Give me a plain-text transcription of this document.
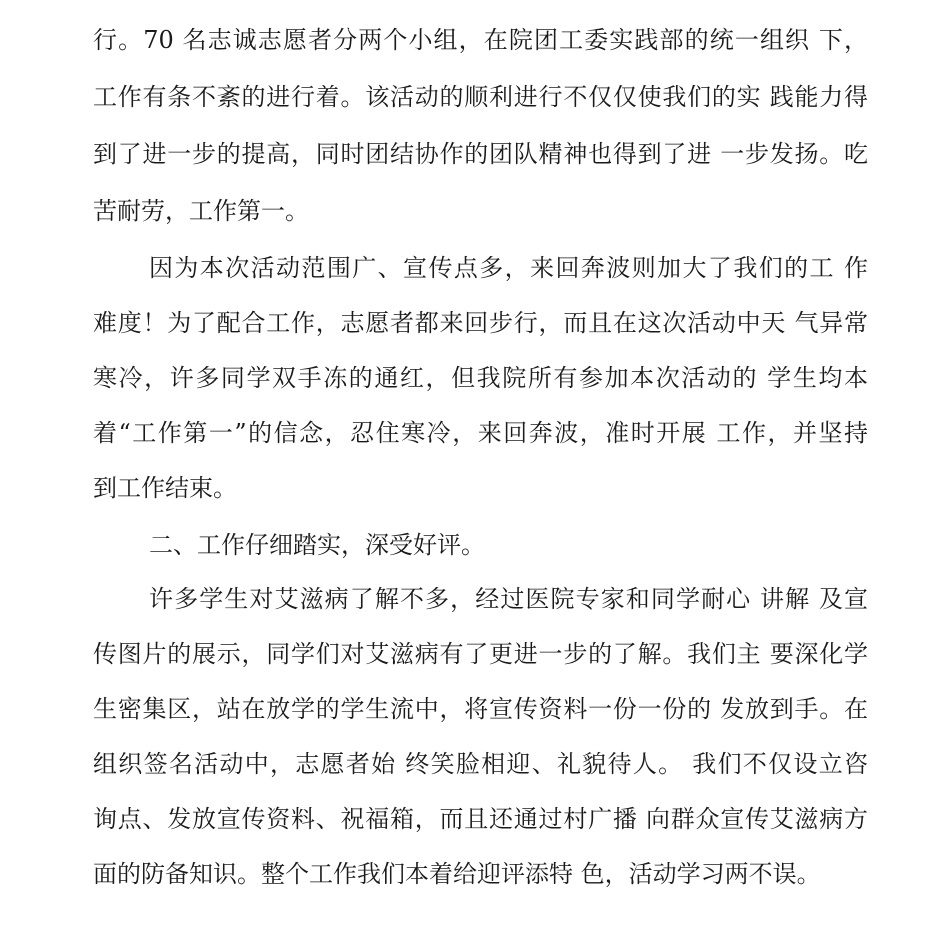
行。70 名志诚志愿者分两个小组，在院团工委实践部的统一组织 下，
工作有条不紊的进行着。该活动的顺利进行不仅仅使我们的实 践能力得
到了进一步的提高，同时团结协作的团队精神也得到了进 一步发扬。吃
苦耐劳，工作第一。
因为本次活动范围广、宣传点多，来回奔波则加大了我们的工 作
难度！为了配合工作，志愿者都来回步行，而且在这次活动中天 气异常
寒冷，许多同学双手冻的通红，但我院所有参加本次活动的 学生均本
着“工作第一”的信念，忍住寒冷，来回奔波，准时开展 工作，并坚持
到工作结束。
二、工作仔细踏实，深受好评。
许多学生对艾滋病了解不多，经过医院专家和同学耐心 讲解 及宣
传图片的展示，同学们对艾滋病有了更进一步的了解。我们主 要深化学
生密集区，站在放学的学生流中，将宣传资料一份一份的 发放到手。在
组织签名活动中，志愿者始 终笑脸相迎、礼貌待人。 我们不仅设立咨
询点、发放宣传资料、祝福箱，而且还通过村广播 向群众宣传艾滋病方
面的防备知识。整个工作我们本着给迎评添特 色，活动学习两不误。
